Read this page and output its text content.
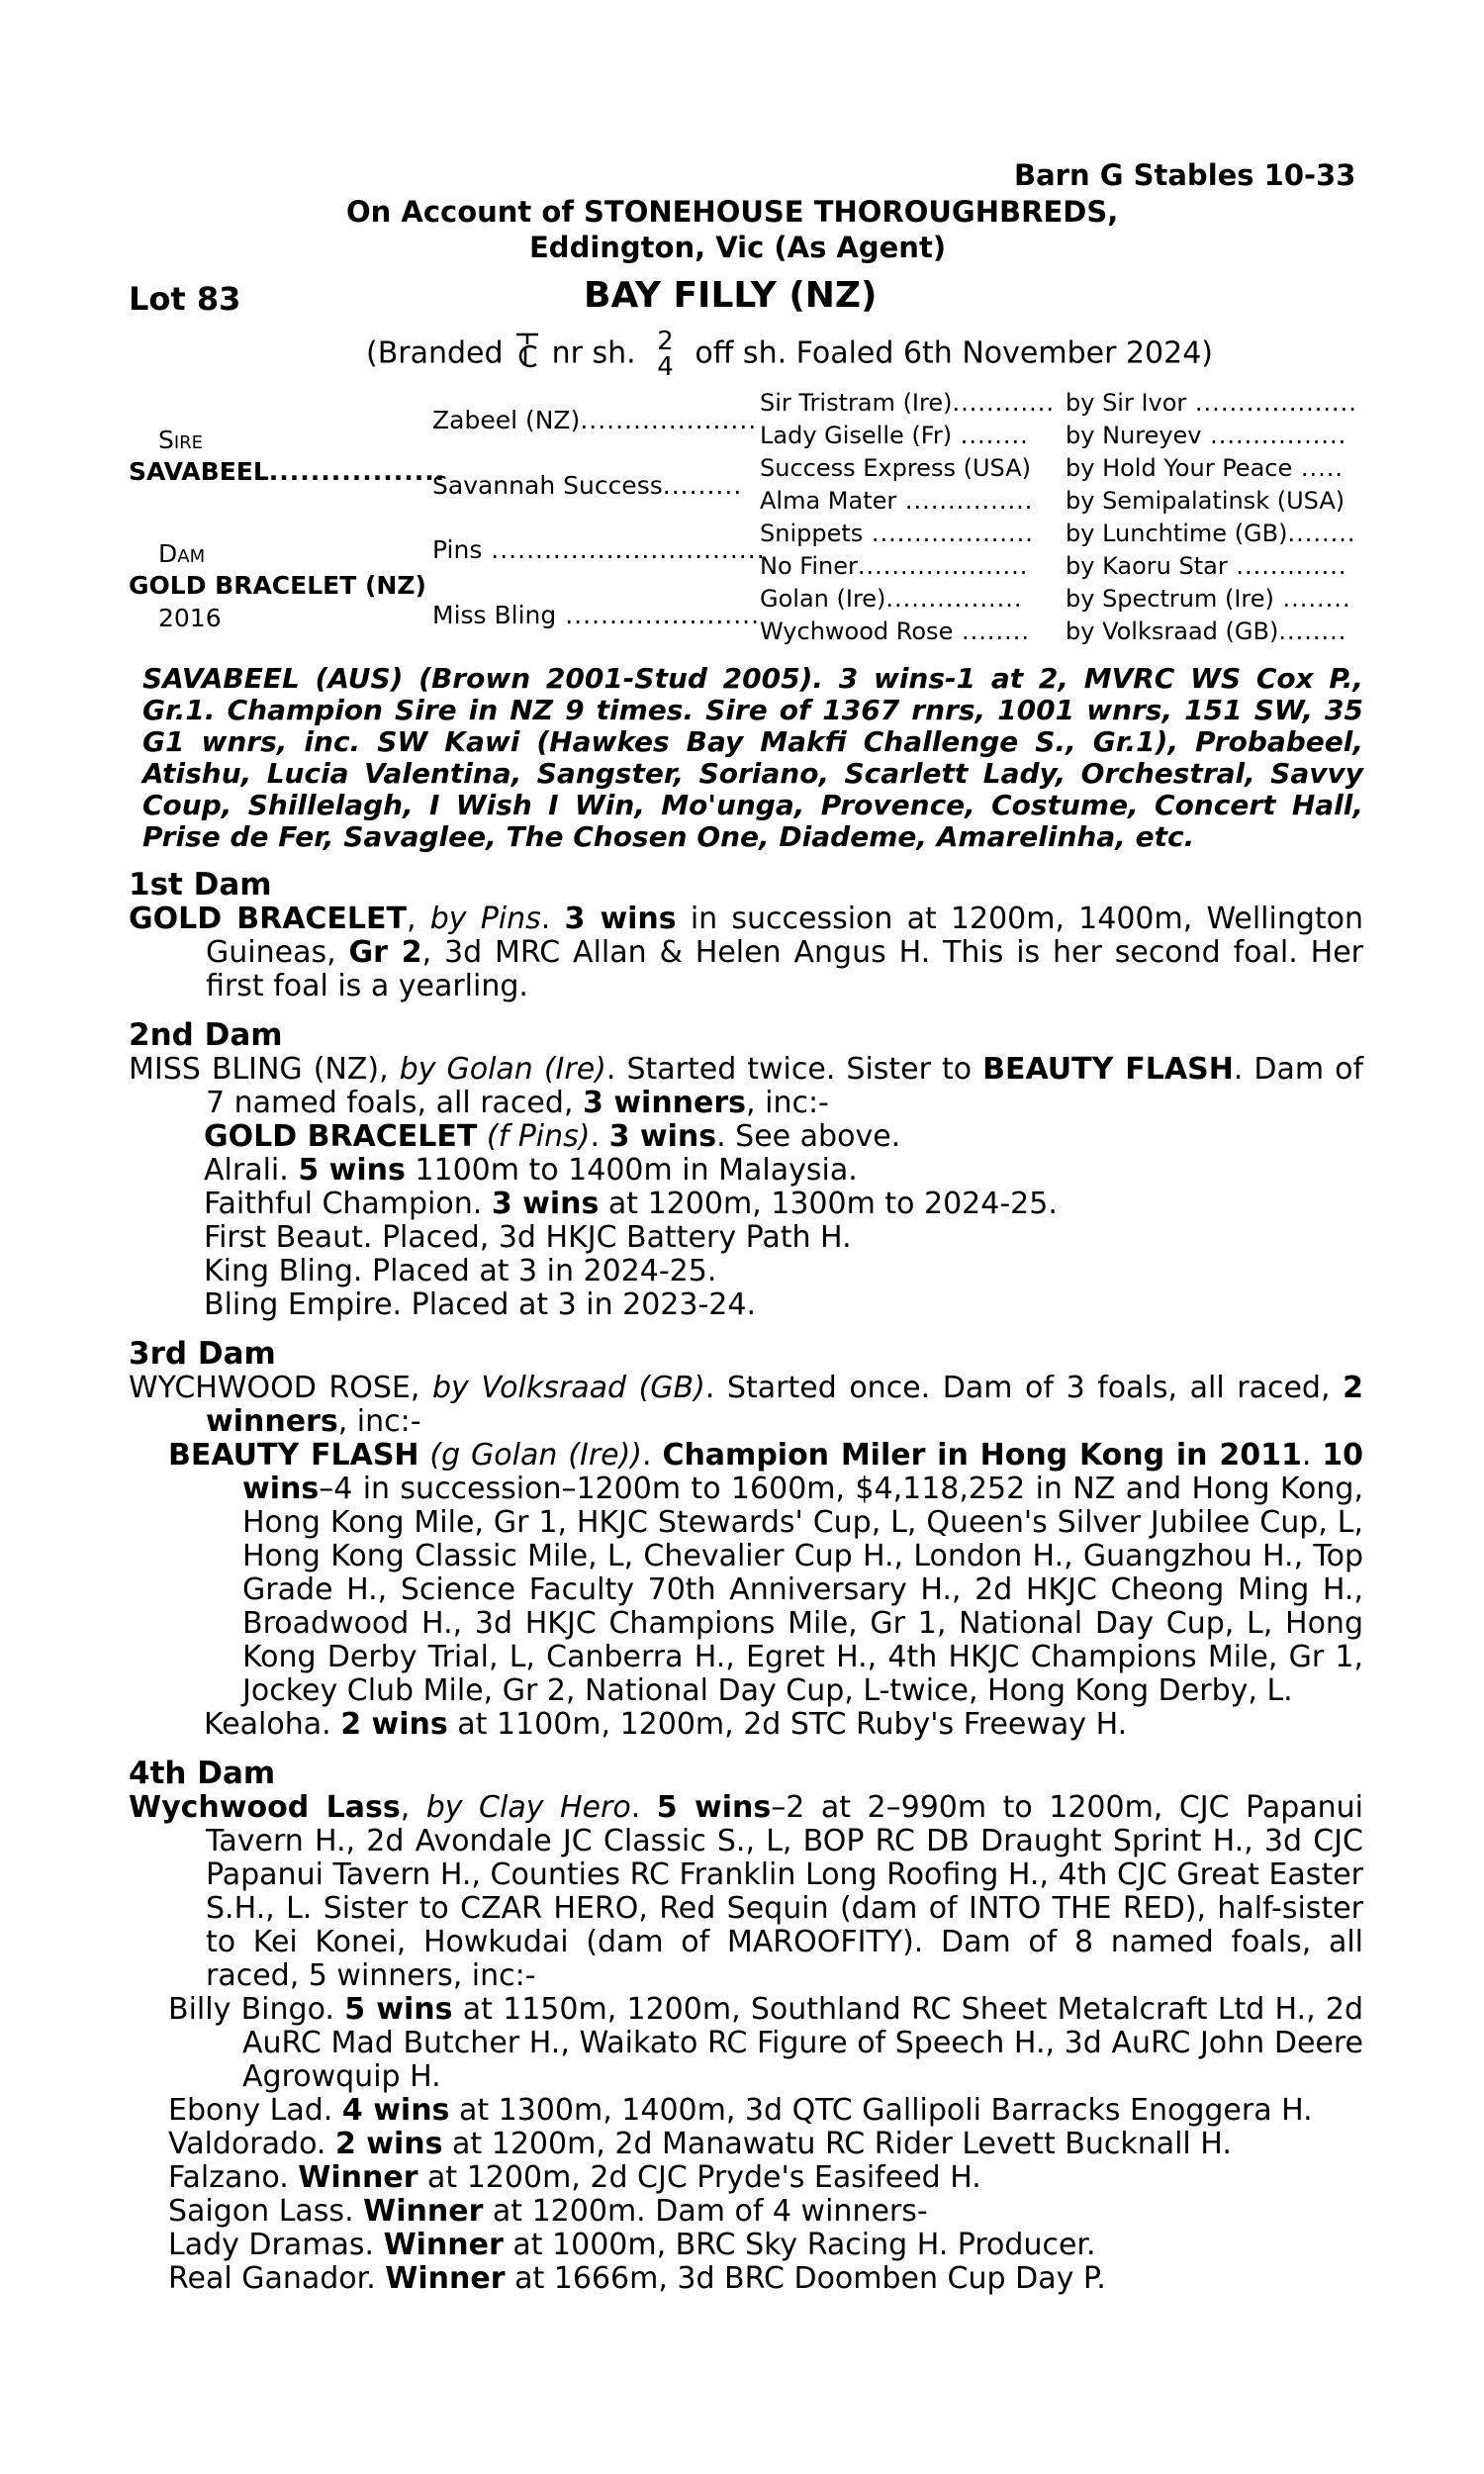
Barn G Stables 10-33
On Account of STONEHOUSE THOROUGHBREDS,
Eddington, Vic (As Agent)
Lot 83	BAY FILLY (NZ)
(Branded nr sh. 2
4 off sh. Foaled 6th November 2024)
Sire
SAVABEEL.................
Dam
GOLD BRACELET (NZ)
2016
Zabeel (NZ)....................
Savannah Success.........
Pins ...............................
Miss Bling ......................
Sir Tristram (Ire)............
Lady Giselle (Fr) ........
Success Express (USA)
Alma Mater ...............
Snippets ...................
No Finer....................
Golan (Ire)................
Wychwood Rose ........
by Sir Ivor ...................
by Nureyev ................
by Hold Your Peace .....
by Semipalatinsk (USA)
by Lunchtime (GB)........
by Kaoru Star .............
by Spectrum (Ire) ........
by Volksraad (GB)........
SAVABEEL (AUS) (Brown 2001-Stud 2005). 3 wins-1 at 2, MVRC WS Cox P., Gr.1. Champion Sire in NZ 9 times. Sire of 1367 rnrs, 1001 wnrs, 151 SW, 35 G1 wnrs, inc. SW Kawi (Hawkes Bay Makfi Challenge S., Gr.1), Probabeel, Atishu, Lucia Valentina, Sangster, Soriano, Scarlett Lady, Orchestral, Savvy Coup, Shillelagh, I Wish I Win, Mo'unga, Provence, Costume, Concert Hall, Prise de Fer, Savaglee, The Chosen One, Diademe, Amarelinha, etc.
1st Dam
GOLD BRACELET, by Pins. 3 wins in succession at 1200m, 1400m, Wellington Guineas, Gr 2, 3d MRC Allan & Helen Angus H. This is her second foal. Her first foal is a yearling.
2nd Dam
MISS BLING (NZ), by Golan (Ire). Started twice. Sister to BEAUTY FLASH. Dam of 7 named foals, all raced, 3 winners, inc:-
GOLD BRACELET (f Pins). 3 wins. See above.
Alrali. 5 wins 1100m to 1400m in Malaysia.
Faithful Champion. 3 wins at 1200m, 1300m to 2024-25.
First Beaut. Placed, 3d HKJC Battery Path H.
King Bling. Placed at 3 in 2024-25.
Bling Empire. Placed at 3 in 2023-24.
3rd Dam
WYCHWOOD ROSE, by Volksraad (GB). Started once. Dam of 3 foals, all raced, 2 winners, inc:-
BEAUTY FLASH (g Golan (Ire)). Champion Miler in Hong Kong in 2011. 10 wins–4 in succession–1200m to 1600m, $4,118,252 in NZ and Hong Kong, Hong Kong Mile, Gr 1, HKJC Stewards' Cup, L, Queen's Silver Jubilee Cup, L, Hong Kong Classic Mile, L, Chevalier Cup H., London H., Guangzhou H., Top Grade H., Science Faculty 70th Anniversary H., 2d HKJC Cheong Ming H., Broadwood H., 3d HKJC Champions Mile, Gr 1, National Day Cup, L, Hong Kong Derby Trial, L, Canberra H., Egret H., 4th HKJC Champions Mile, Gr 1, Jockey Club Mile, Gr 2, National Day Cup, L-twice, Hong Kong Derby, L.
Kealoha. 2 wins at 1100m, 1200m, 2d STC Ruby's Freeway H.
4th Dam
Wychwood Lass, by Clay Hero. 5 wins–2 at 2–990m to 1200m, CJC Papanui Tavern H., 2d Avondale JC Classic S., L, BOP RC DB Draught Sprint H., 3d CJC Papanui Tavern H., Counties RC Franklin Long Roofing H., 4th CJC Great Easter S.H., L. Sister to CZAR HERO, Red Sequin (dam of INTO THE RED), half-sister to Kei Konei, Howkudai (dam of MAROOFITY). Dam of 8 named foals, all raced, 5 winners, inc:-
Billy Bingo. 5 wins at 1150m, 1200m, Southland RC Sheet Metalcraft Ltd H., 2d AuRC Mad Butcher H., Waikato RC Figure of Speech H., 3d AuRC John Deere Agrowquip H.
Ebony Lad. 4 wins at 1300m, 1400m, 3d QTC Gallipoli Barracks Enoggera H.
Valdorado. 2 wins at 1200m, 2d Manawatu RC Rider Levett Bucknall H.
Falzano. Winner at 1200m, 2d CJC Pryde's Easifeed H.
Saigon Lass. Winner at 1200m. Dam of 4 winners-
Lady Dramas. Winner at 1000m, BRC Sky Racing H. Producer.
Real Ganador. Winner at 1666m, 3d BRC Doomben Cup Day P.
